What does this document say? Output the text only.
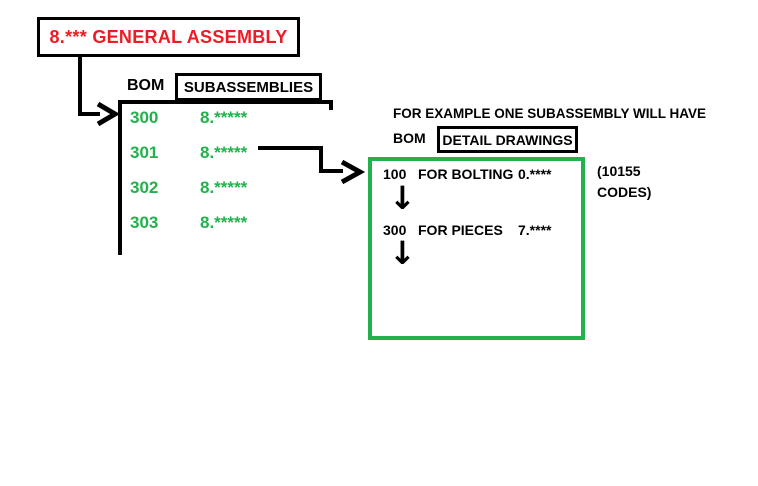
8.*** GENERAL ASSEMBLY
BOM SUBASSEMBLIES
300	8.*****
301	8.*****
302	8.*****
303	8.*****
FOR EXAMPLE ONE SUBASSEMBLY WILL HAVE
BOM DETAIL DRAWINGS
100 FOR BOLTING 0.****
↓
300 FOR PIECES	7.****
↓
(10155
CODES)
